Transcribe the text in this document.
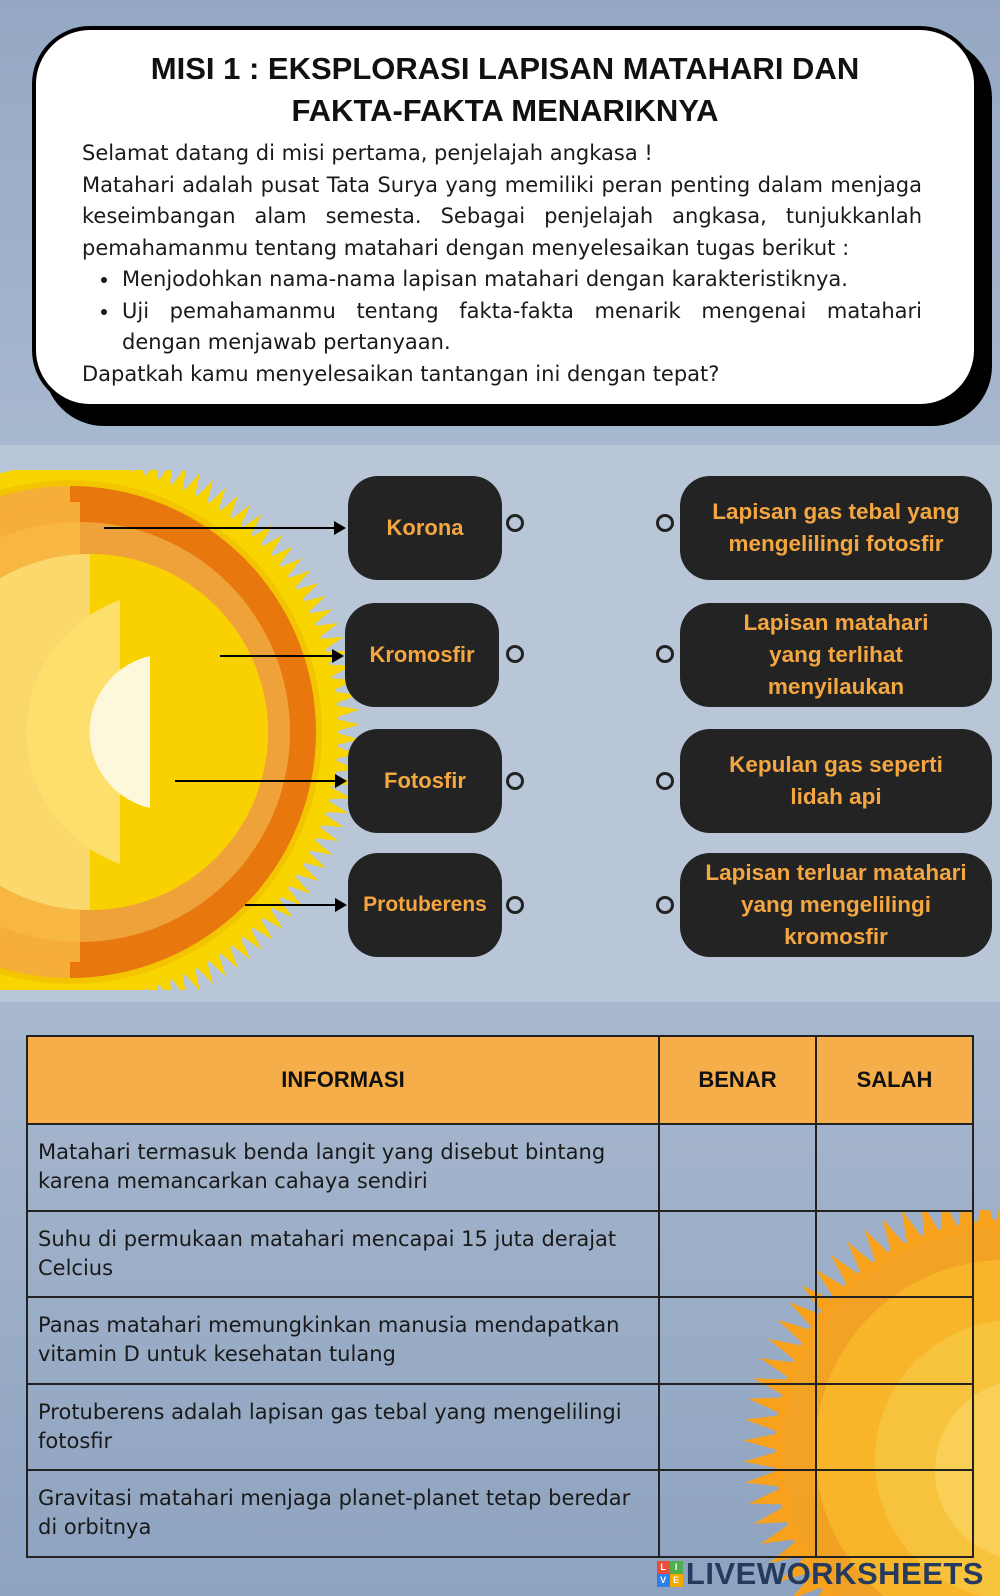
MISI 1 : EKSPLORASI LAPISAN MATAHARI DAN
FAKTA-FAKTA MENARIKNYA

Selamat datang di misi pertama, penjelajah angkasa !

Matahari adalah pusat Tata Surya yang memiliki peran penting dalam menjaga keseimbangan alam semesta. Sebagai penjelajah angkasa, tunjukkanlah pemahamanmu tentang matahari dengan menyelesaikan tugas berikut :

• Menjodohkan nama-nama lapisan matahari dengan karakteristiknya.
• Uji pemahamanmu tentang fakta-fakta menarik mengenai matahari dengan menjawab pertanyaan.

Dapatkah kamu menyelesaikan tantangan ini dengan tepat?

Korona
Kromosfir
Fotosfir
Protuberens
Lapisan gas tebal yang mengelilingi fotosfir
Lapisan matahari yang terlihat menyilaukan
Kepulan gas seperti lidah api
Lapisan terluar matahari yang mengelilingi kromosfir
INFORMASI	BENAR	SALAH
Matahari termasuk benda langit yang disebut bintang karena memancarkan cahaya sendiri		
Suhu di permukaan matahari mencapai 15 juta derajat Celcius		
Panas matahari memungkinkan manusia mendapatkan vitamin D untuk kesehatan tulang		
Protuberens adalah lapisan gas tebal yang mengelilingi fotosfir		
Gravitasi matahari menjaga planet-planet tetap beredar di orbitnya		
L I
V E LIVEWORKSHEETS
